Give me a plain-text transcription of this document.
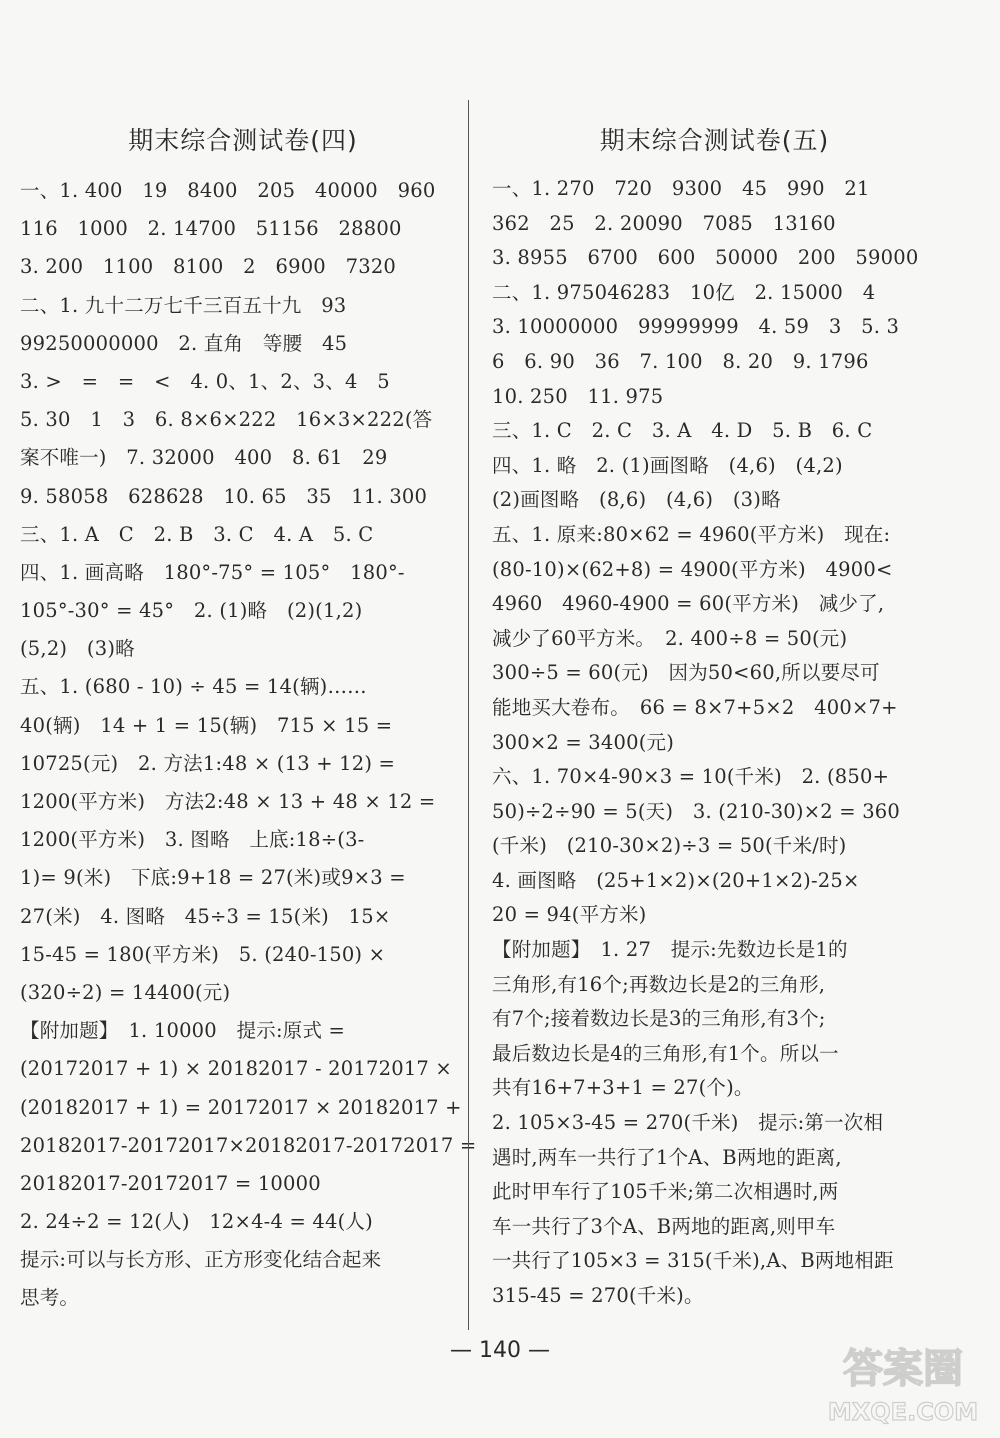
期末综合测试卷(四)
一、1. 400　19　8400　205　40000　960
116　1000　2. 14700　51156　28800
3. 200　1100　8100　2　6900　7320
二、1. 九十二万七千三百五十九　93
99250000000　2. 直角　等腰　45
3. >　=　=　<　4. 0、1、2、3、4　5
5. 30　1　3　6. 8×6×222　16×3×222(答
案不唯一)　7. 32000　400　8. 61　29
9. 58058　628628　10. 65　35　11. 300
三、1. A　C　2. B　3. C　4. A　5. C
四、1. 画高略　180°-75° = 105°　180°-
105°-30° = 45°　2. (1)略　(2)(1,2)
(5,2)　(3)略
五、1. (680 - 10) ÷ 45 = 14(辆)……
40(辆)　14 + 1 = 15(辆)　715 × 15 =
10725(元)　2. 方法1:48 × (13 + 12) =
1200(平方米)　方法2:48 × 13 + 48 × 12 =
1200(平方米)　3. 图略　上底:18÷(3-
1)= 9(米)　下底:9+18 = 27(米)或9×3 =
27(米)　4. 图略　45÷3 = 15(米)　15×
15-45 = 180(平方米)　5. (240-150) ×
(320÷2) = 14400(元)
【附加题】　1. 10000　提示:原式 =
(20172017 + 1) × 20182017 - 20172017 ×
(20182017 + 1) = 20172017 × 20182017 +
20182017-20172017×20182017-20172017 =
20182017-20172017 = 10000
2. 24÷2 = 12(人)　12×4-4 = 44(人)
提示:可以与长方形、正方形变化结合起来
思考。
期末综合测试卷(五)
一、1. 270　720　9300　45　990　21
362　25　2. 20090　7085　13160
3. 8955　6700　600　50000　200　59000
二、1. 975046283　10亿　2. 15000　4
3. 10000000　99999999　4. 59　3　5. 3
6　6. 90　36　7. 100　8. 20　9. 1796
10. 250　11. 975
三、1. C　2. C　3. A　4. D　5. B　6. C
四、1. 略　2. (1)画图略　(4,6)　(4,2)
(2)画图略　(8,6)　(4,6)　(3)略
五、1. 原来:80×62 = 4960(平方米)　现在:
(80-10)×(62+8) = 4900(平方米)　4900<
4960　4960-4900 = 60(平方米)　减少了,
减少了60平方米。　2. 400÷8 = 50(元)
300÷5 = 60(元)　因为50<60,所以要尽可
能地买大卷布。　66 = 8×7+5×2　400×7+
300×2 = 3400(元)
六、1. 70×4-90×3 = 10(千米)　2. (850+
50)÷2÷90 = 5(天)　3. (210-30)×2 = 360
(千米)　(210-30×2)÷3 = 50(千米/时)
4. 画图略　(25+1×2)×(20+1×2)-25×
20 = 94(平方米)
【附加题】　1. 27　提示:先数边长是1的
三角形,有16个;再数边长是2的三角形,
有7个;接着数边长是3的三角形,有3个;
最后数边长是4的三角形,有1个。所以一
共有16+7+3+1 = 27(个)。
2. 105×3-45 = 270(千米)　提示:第一次相
遇时,两车一共行了1个A、B两地的距离,
此时甲车行了105千米;第二次相遇时,两
车一共行了3个A、B两地的距离,则甲车
一共行了105×3 = 315(千米),A、B两地相距
315-45 = 270(千米)。
— 140 —	答案圈
MXQE.COM
